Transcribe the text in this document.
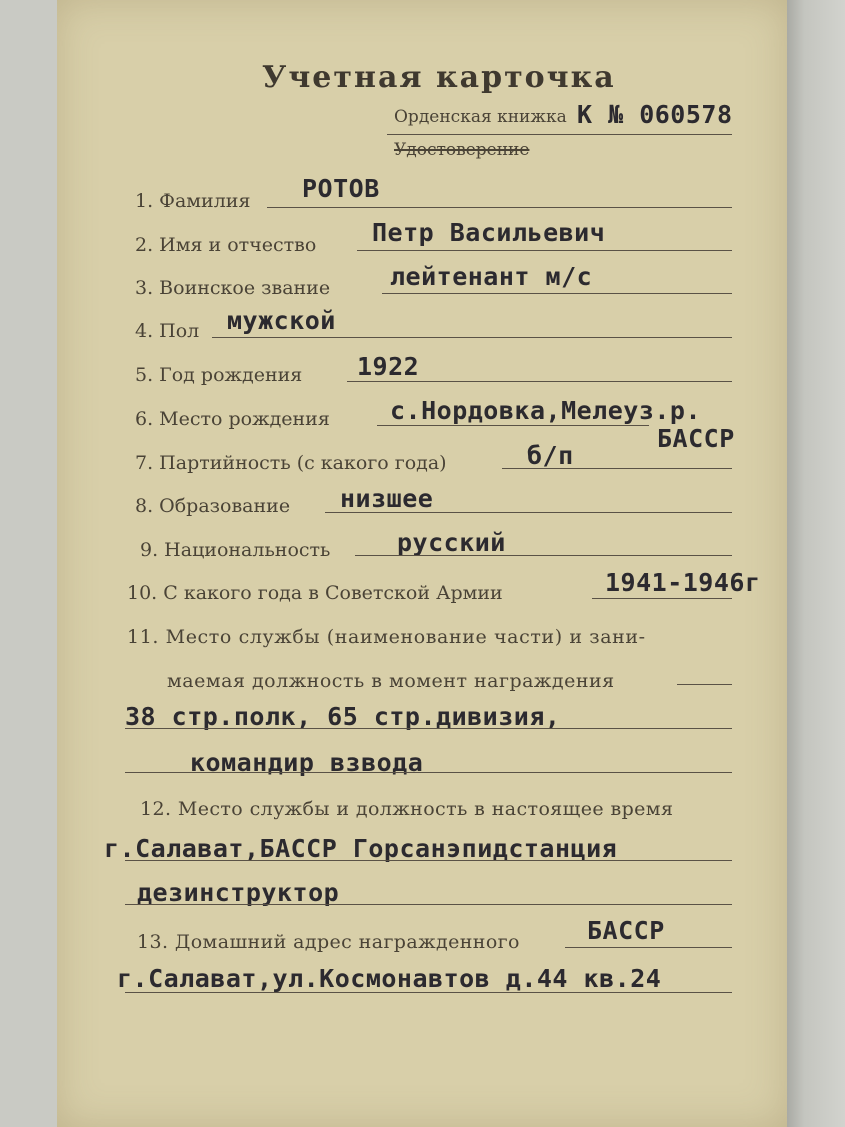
Учетная карточка
Орденская книжка К № 060578
Удостоверение
1. Фамилия РОТОВ
2. Имя и отчество Петр Васильевич
3. Воинское звание лейтенант м/с
4. Пол мужской
5. Год рождения 1922
6. Место рождения с.Нордовка,Мелеуз.р.
БАССР
7. Партийность (с какого года)	б/п
8. Образование низшее
9. Национальность	русский
10. С какого года в Советской Армии	1941-1946г
11. Место службы (наименование части) и зани-
маемая должность в момент награждения
38 стр.полк, 65 стр.дивизия,
командир взвода
12. Место службы и должность в настоящее время
г.Салават,БАССР Горсанэпидстанция
дезинструктор
13. Домашний адрес награжденного	БАССР
г.Салават,ул.Космонавтов д.44 кв.24
